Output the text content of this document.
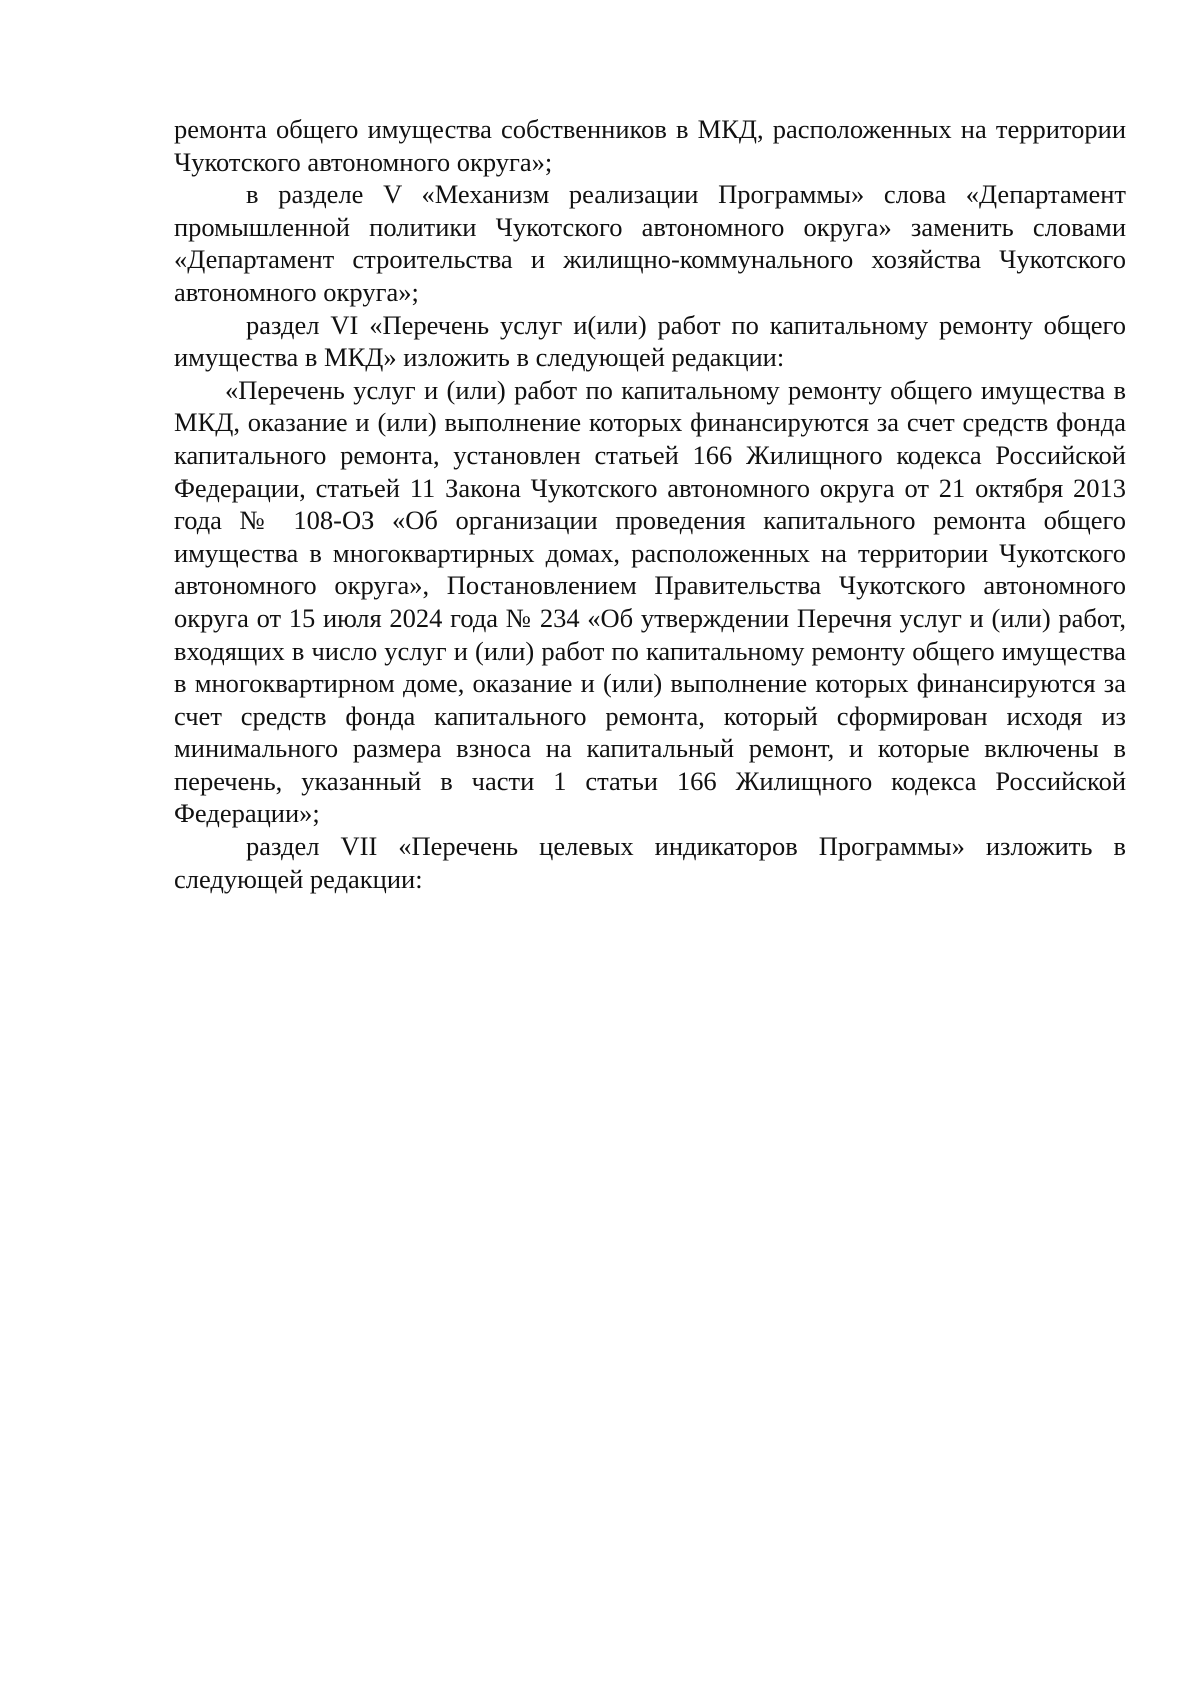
ремонта общего имущества собственников в МКД, расположенных на территории Чукотского автономного округа»;

в разделе V «Механизм реализации Программы» слова «Департамент промышленной политики Чукотского автономного округа» заменить словами «Департамент строительства и жилищно-коммунального хозяйства Чукотского автономного округа»;

раздел VI «Перечень услуг и(или) работ по капитальному ремонту общего имущества в МКД» изложить в следующей редакции:

«Перечень услуг и (или) работ по капитальному ремонту общего имущества в МКД, оказание и (или) выполнение которых финансируются за счет средств фонда капитального ремонта, установлен статьей 166 Жилищного кодекса Российской Федерации, статьей 11 Закона Чукотского автономного округа от 21 октября 2013 года № 108-ОЗ «Об организации проведения капитального ремонта общего имущества в многоквартирных домах, расположенных на территории Чукотского автономного округа», Постановлением Правительства Чукотского автономного округа от 15 июля 2024 года № 234 «Об утверждении Перечня услуг и (или) работ, входящих в число услуг и (или) работ по капитальному ремонту общего имущества в многоквартирном доме, оказание и (или) выполнение которых финансируются за счет средств фонда капитального ремонта, который сформирован исходя из минимального размера взноса на капитальный ремонт, и которые включены в перечень, указанный в части 1 статьи 166 Жилищного кодекса Российской Федерации»;

раздел VII «Перечень целевых индикаторов Программы» изложить в следующей редакции:
